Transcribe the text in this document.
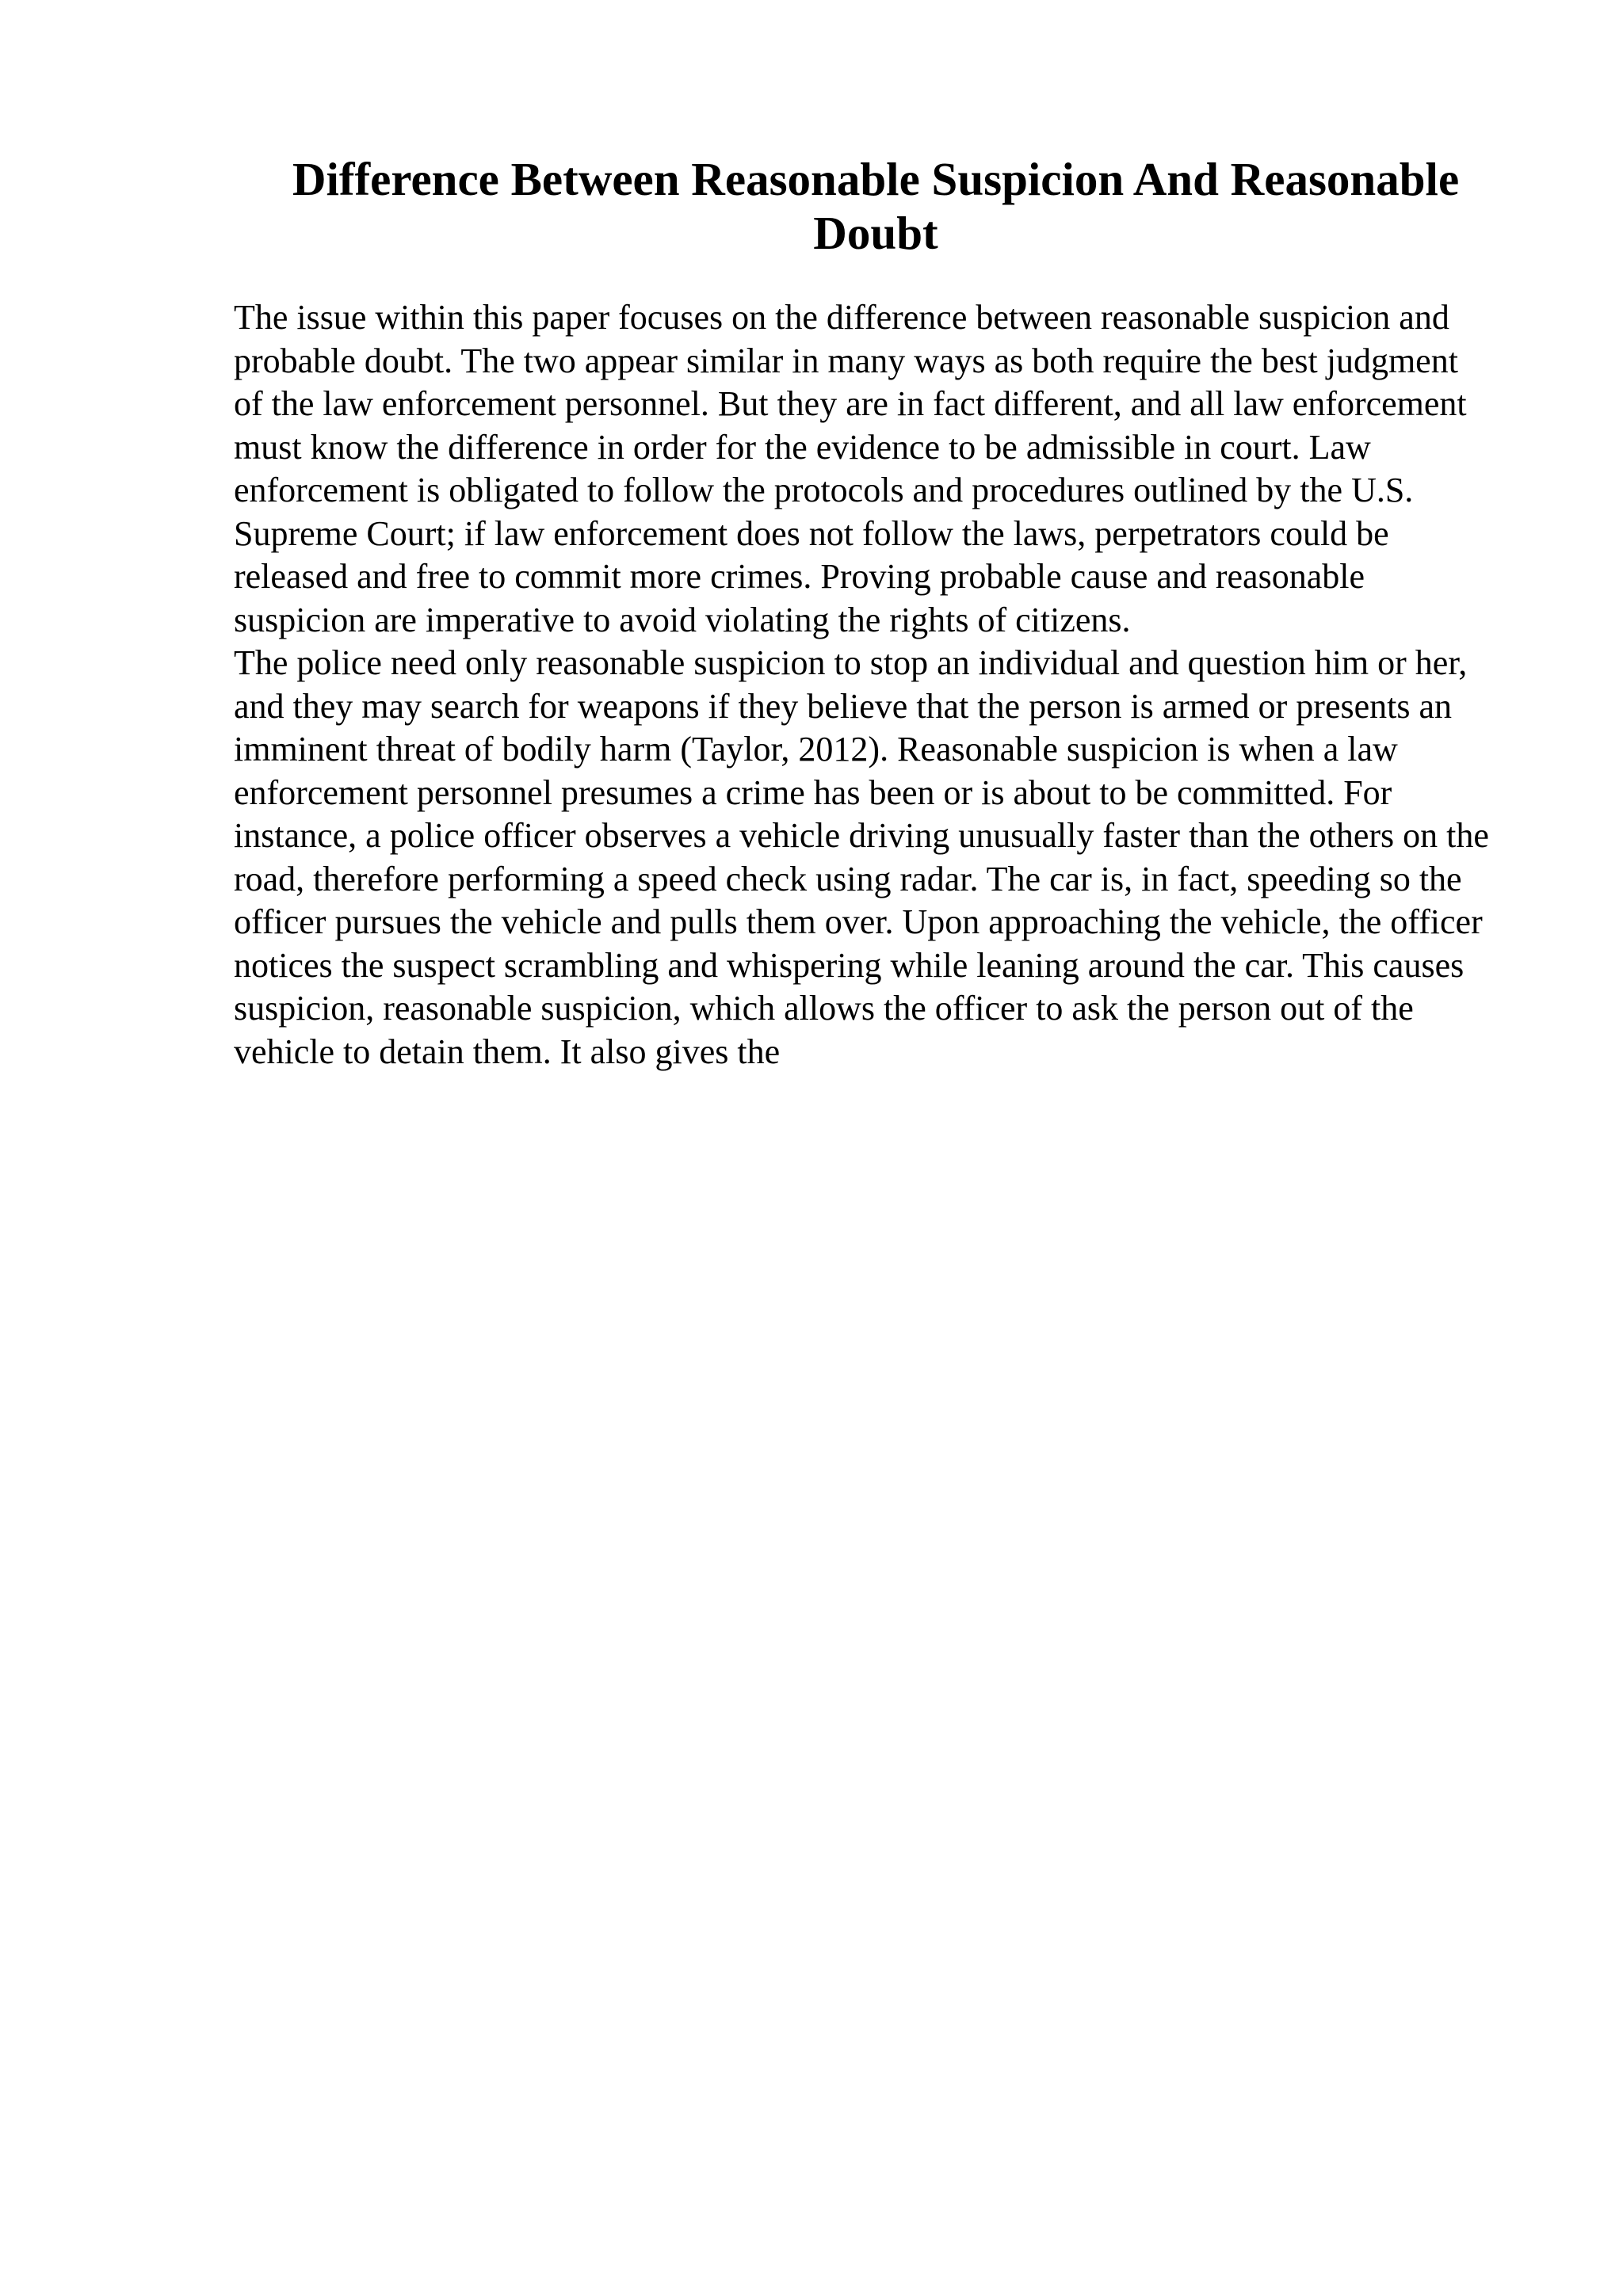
Difference Between Reasonable Suspicion And Reasonable Doubt

The issue within this paper focuses on the difference between reasonable suspicion and probable doubt. The two appear similar in many ways as both require the best judgment of the law enforcement personnel. But they are in fact different, and all law enforcement must know the difference in order for the evidence to be admissible in court. Law enforcement is obligated to follow the protocols and procedures outlined by the U.S. Supreme Court; if law enforcement does not follow the laws, perpetrators could be released and free to commit more crimes. Proving probable cause and reasonable suspicion are imperative to avoid violating the rights of citizens.

The police need only reasonable suspicion to stop an individual and question him or her, and they may search for weapons if they believe that the person is armed or presents an imminent threat of bodily harm (Taylor, 2012). Reasonable suspicion is when a law enforcement personnel presumes a crime has been or is about to be committed. For instance, a police officer observes a vehicle driving unusually faster than the others on the road, therefore performing a speed check using radar. The car is, in fact, speeding so the officer pursues the vehicle and pulls them over. Upon approaching the vehicle, the officer notices the suspect scrambling and whispering while leaning around the car. This causes suspicion, reasonable suspicion, which allows the officer to ask the person out of the vehicle to detain them. It also gives the
